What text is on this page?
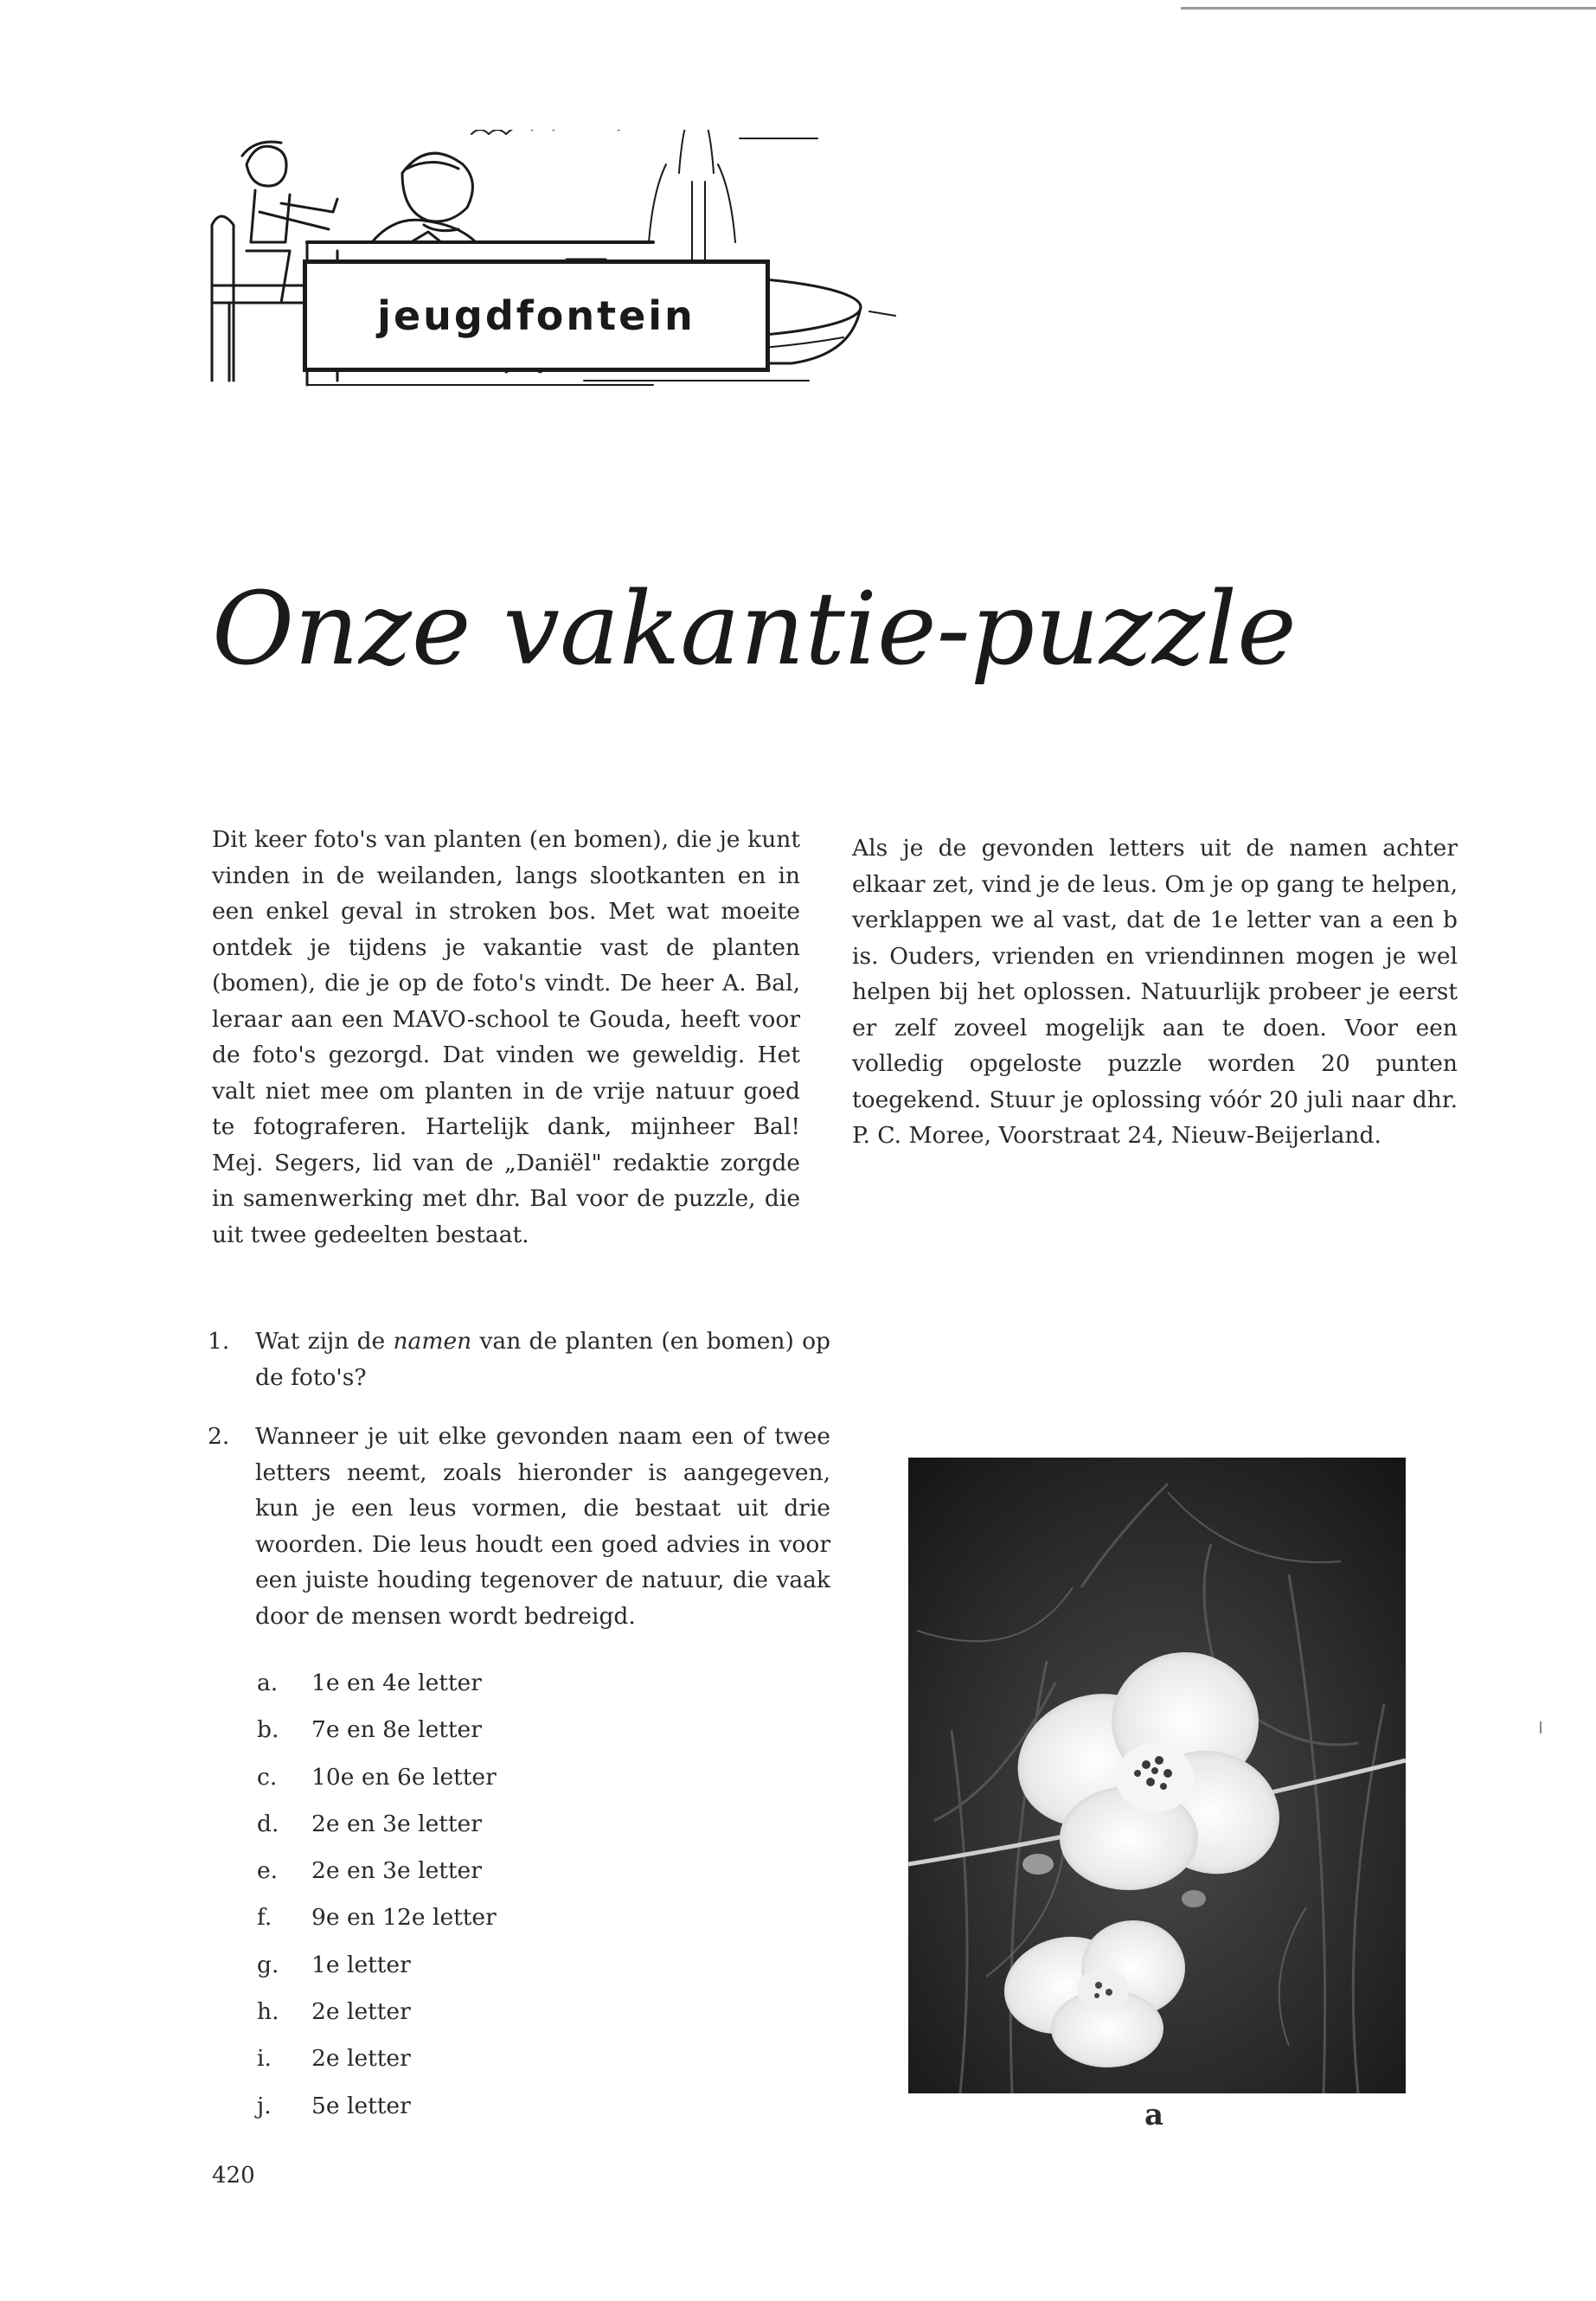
jeugdfontein
Onze vakantie-puzzle

Dit keer foto's van planten (en bomen), die je kunt vinden in de weilanden, langs slootkanten en in een enkel geval in stroken bos. Met wat moeite ontdek je tijdens je vakantie vast de planten (bomen), die je op de foto's vindt. De heer A. Bal, leraar aan een MAVO-school te Gouda, heeft voor de foto's gezorgd. Dat vinden we geweldig. Het valt niet mee om planten in de vrije natuur goed te fotograferen. Hartelijk dank, mijnheer Bal! Mej. Segers, lid van de „Daniël" redaktie zorgde in samenwerking met dhr. Bal voor de puzzle, die uit twee gedeelten bestaat.

Als je de gevonden letters uit de namen achter elkaar zet, vind je de leus. Om je op gang te helpen, verklappen we al vast, dat de 1e letter van a een b is. Ouders, vrienden en vriendinnen mogen je wel helpen bij het oplossen. Natuurlijk probeer je eerst er zelf zoveel mogelijk aan te doen. Voor een volledig opgeloste puzzle worden 20 punten toegekend. Stuur je oplossing vóór 20 juli naar dhr. P. C. Moree, Voorstraat 24, Nieuw-Beijerland.

1.	Wat zijn de namen van de planten (en bomen) op de foto's?
2.	Wanneer je uit elke gevonden naam een of twee letters neemt, zoals hieronder is aangegeven, kun je een leus vormen, die bestaat uit drie woorden. Die leus houdt een goed advies in voor een juiste houding tegenover de natuur, die vaak door de mensen wordt bedreigd.
a.	1e en 4e letter
b.	7e en 8e letter
c.	10e en 6e letter
d.	2e en 3e letter
e.	2e en 3e letter
f.	9e en 12e letter
g.	1e letter
h.	2e letter
i.	2e letter
j.	5e letter	a

420
